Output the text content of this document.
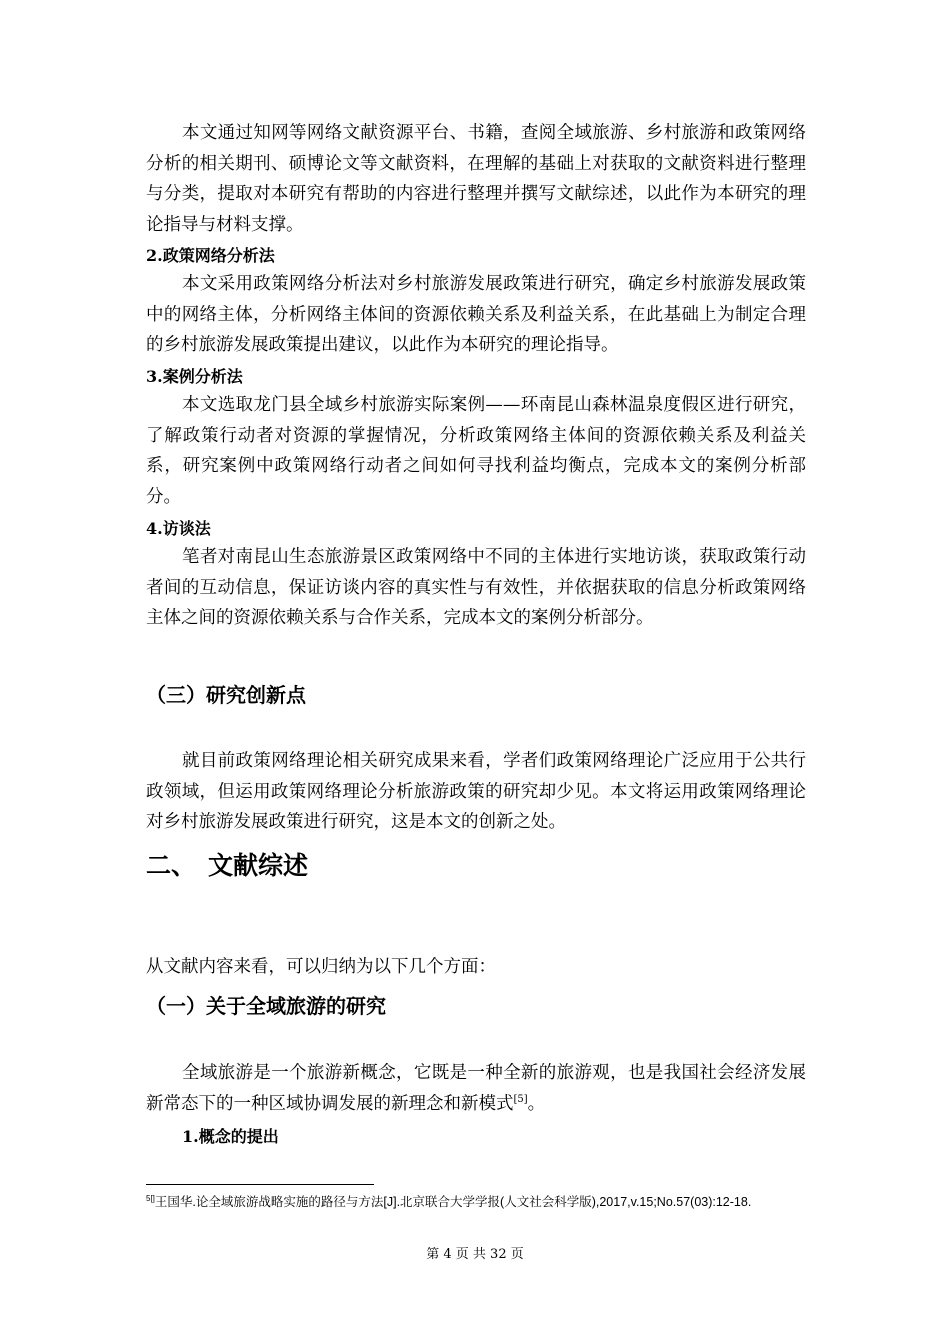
本文通过知网等网络文献资源平台、书籍，查阅全域旅游、乡村旅游和政策网络分析的相关期刊、硕博论文等文献资料，在理解的基础上对获取的文献资料进行整理与分类，提取对本研究有帮助的内容进行整理并撰写文献综述，以此作为本研究的理论指导与材料支撑。
2.政策网络分析法
本文采用政策网络分析法对乡村旅游发展政策进行研究，确定乡村旅游发展政策中的网络主体，分析网络主体间的资源依赖关系及利益关系，在此基础上为制定合理的乡村旅游发展政策提出建议，以此作为本研究的理论指导。
3.案例分析法
本文选取龙门县全域乡村旅游实际案例——环南昆山森林温泉度假区进行研究，了解政策行动者对资源的掌握情况，分析政策网络主体间的资源依赖关系及利益关系，研究案例中政策网络行动者之间如何寻找利益均衡点，完成本文的案例分析部分。
4.访谈法
笔者对南昆山生态旅游景区政策网络中不同的主体进行实地访谈，获取政策行动者间的互动信息，保证访谈内容的真实性与有效性，并依据获取的信息分析政策网络主体之间的资源依赖关系与合作关系，完成本文的案例分析部分。
（三）研究创新点
就目前政策网络理论相关研究成果来看，学者们政策网络理论广泛应用于公共行政领域，但运用政策网络理论分析旅游政策的研究却少见。本文将运用政策网络理论对乡村旅游发展政策进行研究，这是本文的创新之处。
二、 文献综述
从文献内容来看，可以归纳为以下几个方面：
（一）关于全域旅游的研究
全域旅游是一个旅游新概念，它既是一种全新的旅游观，也是我国社会经济发展新常态下的一种区域协调发展的新理念和新模式[5]。
1.概念的提出
$^{5[]}$王国华.论全域旅游战略实施的路径与方法[J].北京联合大学学报(人文社会科学版),2017,v.15;No.57(03):12-18.
第 4 页 共 32 页
